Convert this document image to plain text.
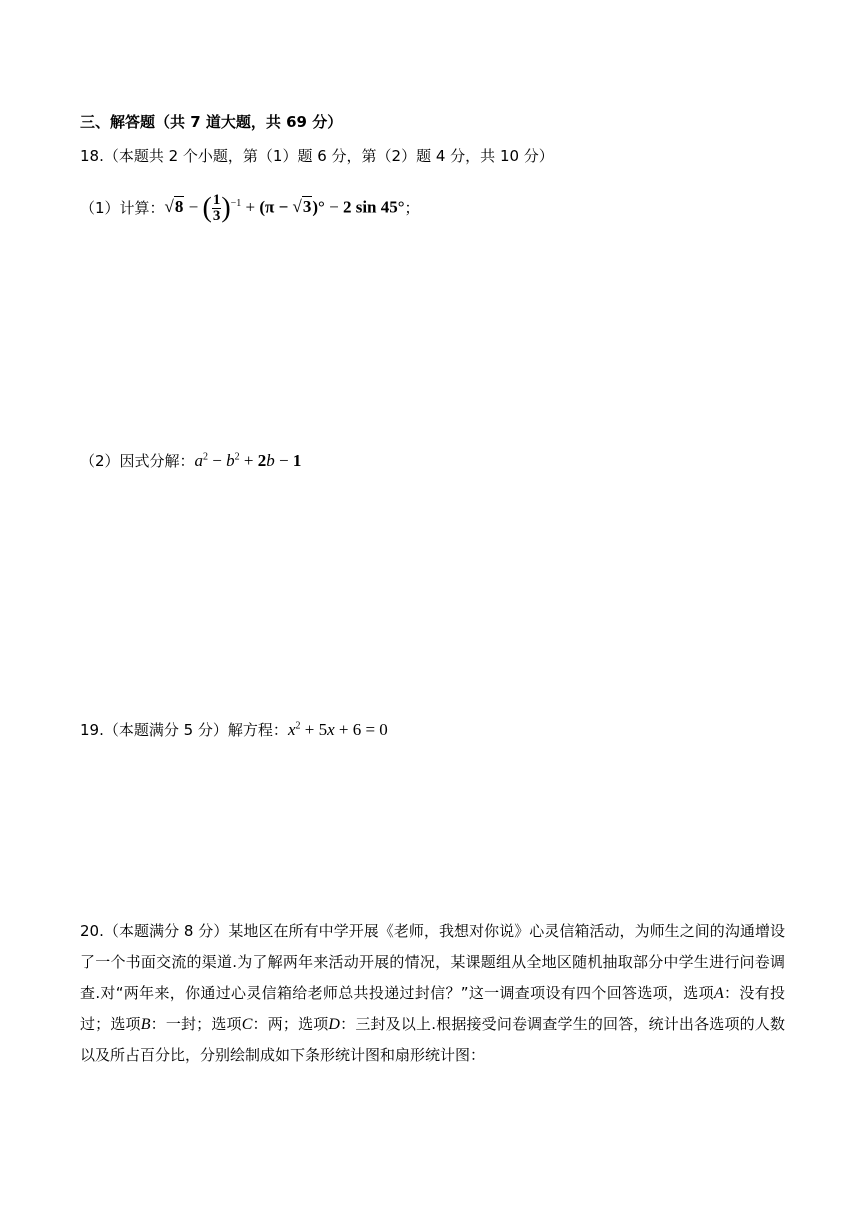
三、解答题（共 7 道大题，共 69 分）
18.（本题共 2 个小题，第（1）题 6 分，第（2）题 4 分，共 10 分）
（1）计算： √8 − ( $\frac{1}{3} )^{-1} + (\pi - √3)^\circ - 2$ sin 45° ；
（2）因式分解： $a^2 - b^2 + 2b - 1$
19.（本题满分 5 分）解方程： $x^2 + 5x + 6 = 0$
20.（本题满分 8 分）某地区在所有中学开展《老师，我想对你说》心灵信箱活动，为师生之间的沟通增设了一个书面交流的渠道.为了解两年来活动开展的情况，某课题组从全地区随机抽取部分中学生进行问卷调查.对“两年来，你通过心灵信箱给老师总共投递过封信？”这一调查项设有四个回答选项，选项A：没有投过；选项B：一封；选项C：两；选项D：三封及以上.根据接受问卷调查学生的回答，统计出各选项的人数以及所占百分比，分别绘制成如下条形统计图和扇形统计图：
